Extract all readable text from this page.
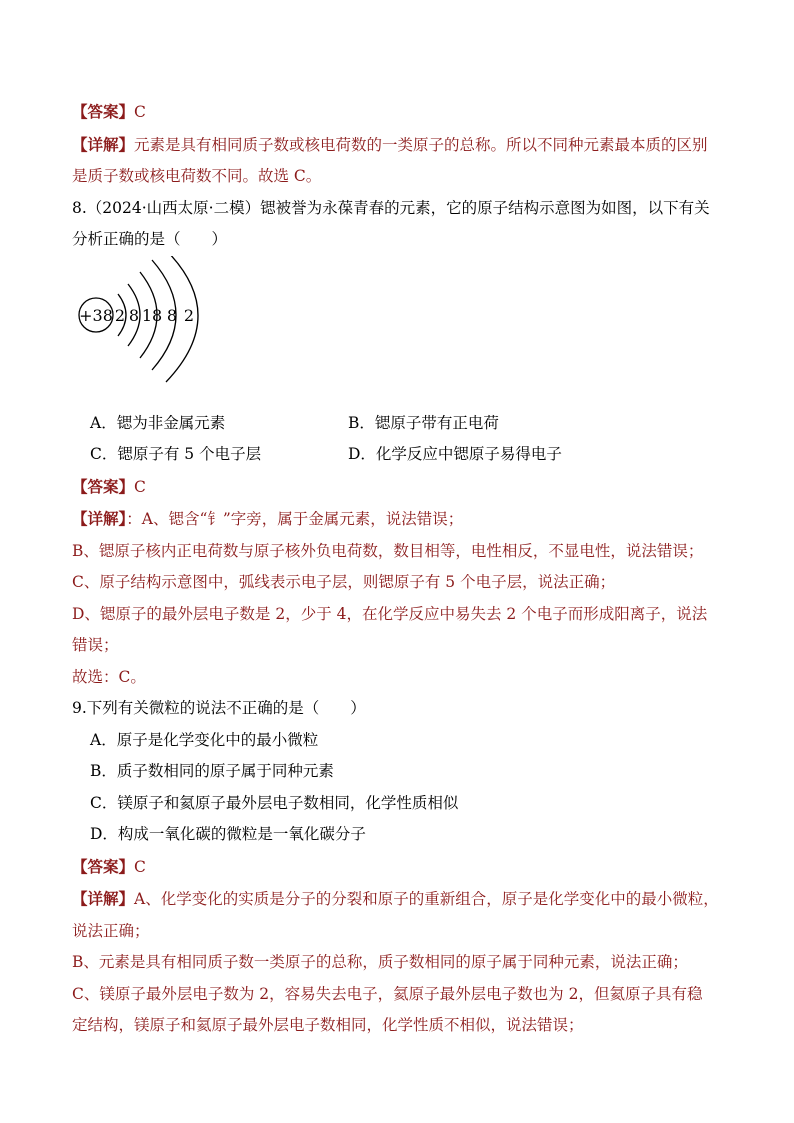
【答案】C
【详解】元素是具有相同质子数或核电荷数的一类原子的总称。所以不同种元素最本质的区别
是质子数或核电荷数不同。故选 C。
8.（2024·山西太原·二模）锶被誉为永葆青春的元素，它的原子结构示意图为如图，以下有关
分析正确的是（　　）
+38 2 8 18 8 2
A．锶为非金属元素	B．锶原子带有正电荷
C．锶原子有 5 个电子层	D．化学反应中锶原子易得电子
【答案】C
【详解】：A、锶含“钅”字旁，属于金属元素，说法错误；
B、锶原子核内正电荷数与原子核外负电荷数，数目相等，电性相反，不显电性，说法错误；
C、原子结构示意图中，弧线表示电子层，则锶原子有 5 个电子层，说法正确；
D、锶原子的最外层电子数是 2，少于 4，在化学反应中易失去 2 个电子而形成阳离子，说法
错误；
故选：C。
9.下列有关微粒的说法不正确的是（　　）
A．原子是化学变化中的最小微粒
B．质子数相同的原子属于同种元素
C．镁原子和氦原子最外层电子数相同，化学性质相似
D．构成一氧化碳的微粒是一氧化碳分子
【答案】C
【详解】A、化学变化的实质是分子的分裂和原子的重新组合，原子是化学变化中的最小微粒，
说法正确；
B、元素是具有相同质子数一类原子的总称，质子数相同的原子属于同种元素，说法正确；
C、镁原子最外层电子数为 2，容易失去电子，氦原子最外层电子数也为 2，但氦原子具有稳
定结构，镁原子和氦原子最外层电子数相同，化学性质不相似，说法错误；
